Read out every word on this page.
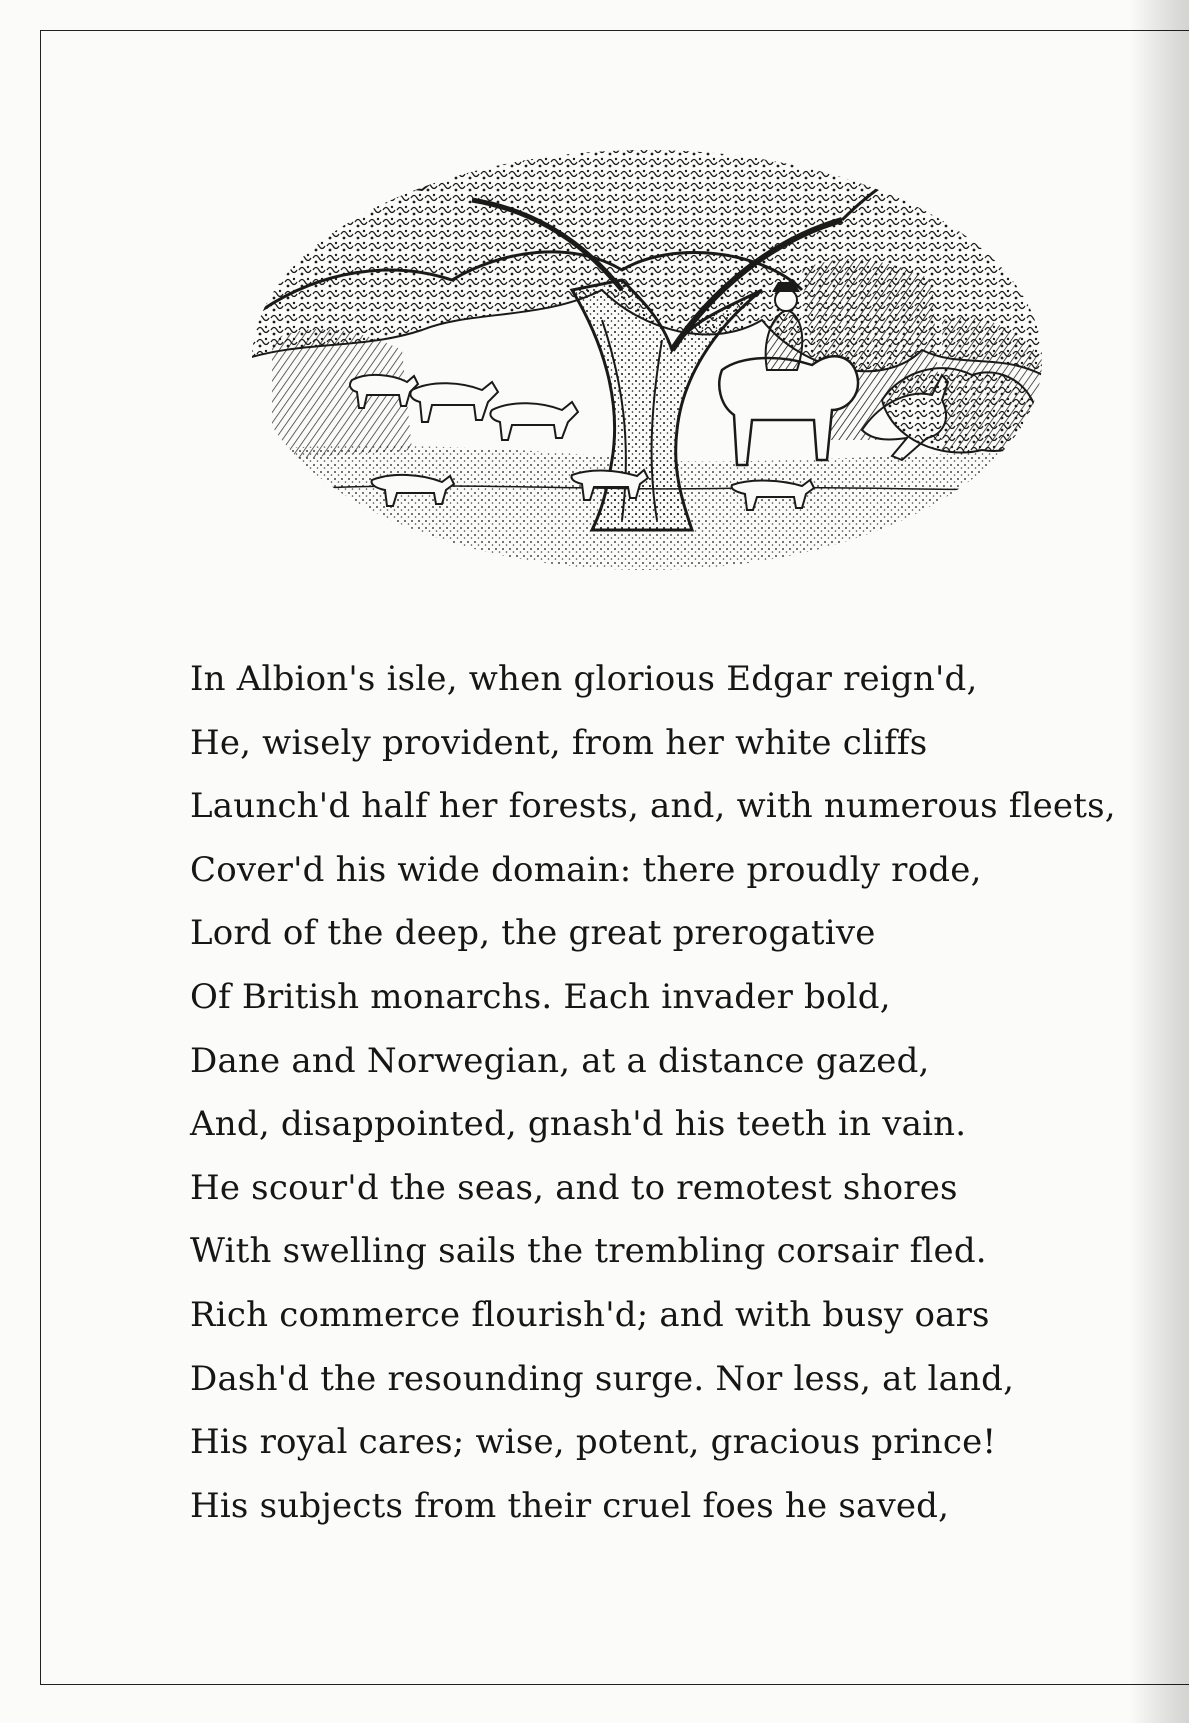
In Albion's isle, when glorious Edgar reign'd,
He, wisely provident, from her white cliffs
Launch'd half her forests, and, with numerous fleets,
Cover'd his wide domain: there proudly rode,
Lord of the deep, the great prerogative
Of British monarchs. Each invader bold,
Dane and Norwegian, at a distance gazed,
And, disappointed, gnash'd his teeth in vain.
He scour'd the seas, and to remotest shores
With swelling sails the trembling corsair fled.
Rich commerce flourish'd; and with busy oars
Dash'd the resounding surge. Nor less, at land,
His royal cares; wise, potent, gracious prince!
His subjects from their cruel foes he saved,
